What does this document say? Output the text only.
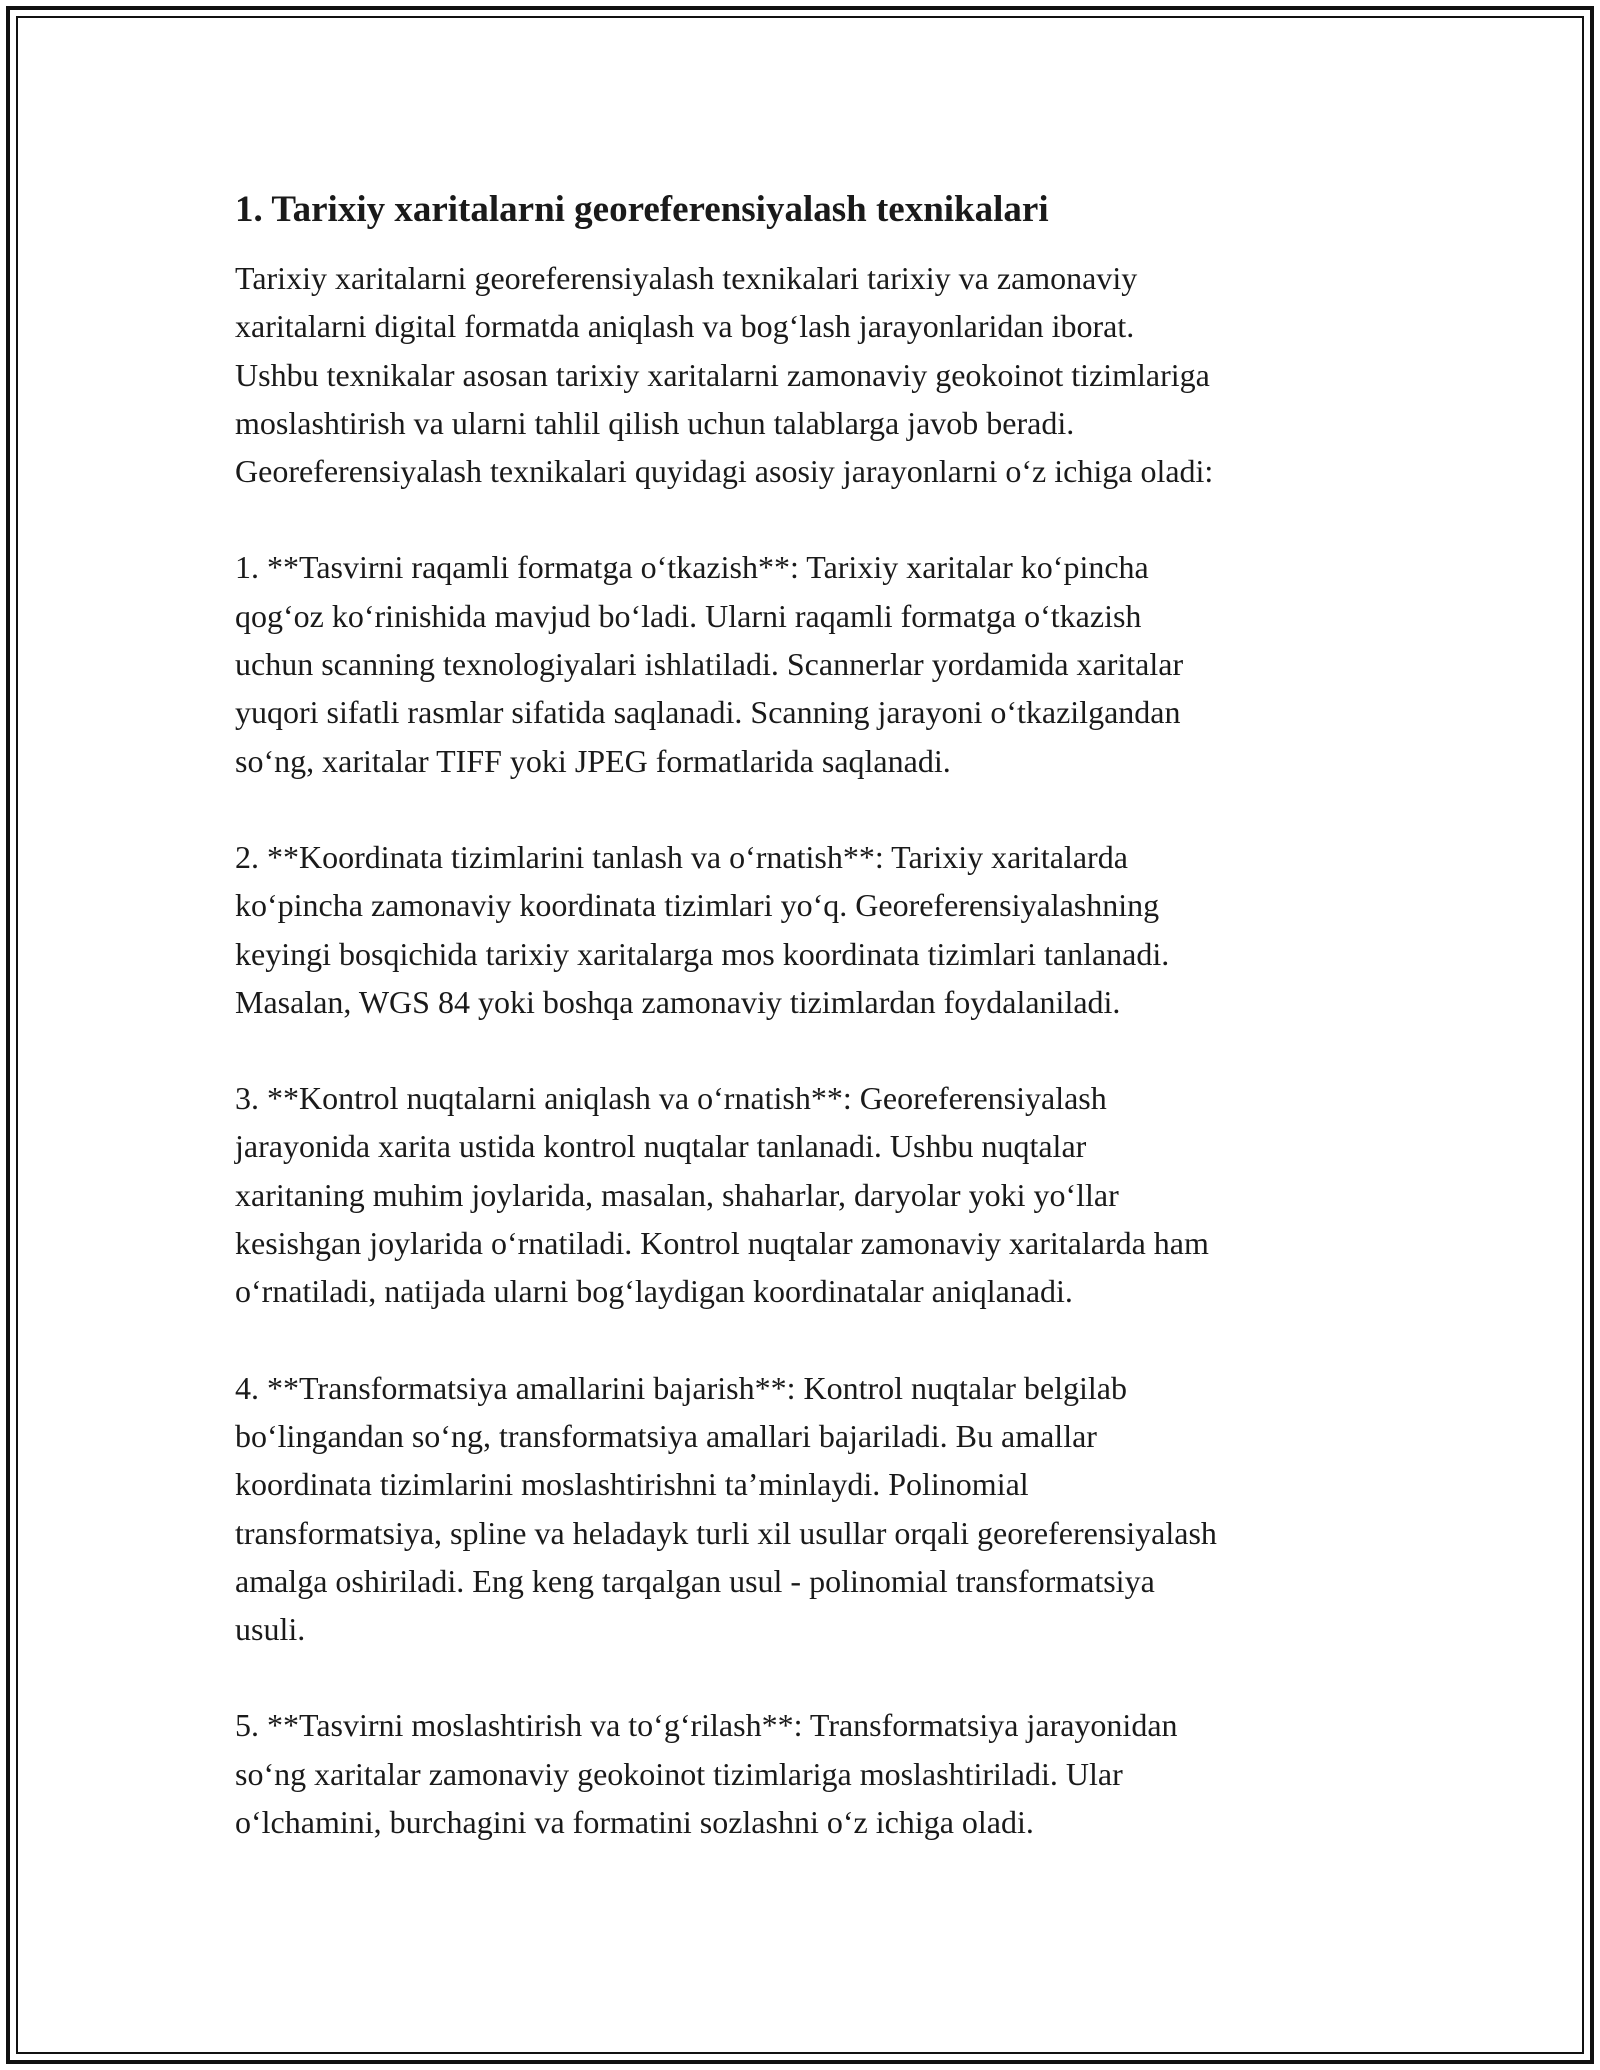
1. Tarixiy xaritalarni georeferensiyalash texnikalari
Tarixiy xaritalarni georeferensiyalash texnikalari tarixiy va zamonaviy
xaritalarni digital formatda aniqlash va bog‘lash jarayonlaridan iborat.
Ushbu texnikalar asosan tarixiy xaritalarni zamonaviy geokoinot tizimlariga
moslashtirish va ularni tahlil qilish uchun talablarga javob beradi.
Georeferensiyalash texnikalari quyidagi asosiy jarayonlarni o‘z ichiga oladi:
1. **Tasvirni raqamli formatga o‘tkazish**: Tarixiy xaritalar ko‘pincha
qog‘oz ko‘rinishida mavjud bo‘ladi. Ularni raqamli formatga o‘tkazish
uchun scanning texnologiyalari ishlatiladi. Scannerlar yordamida xaritalar
yuqori sifatli rasmlar sifatida saqlanadi. Scanning jarayoni o‘tkazilgandan
so‘ng, xaritalar TIFF yoki JPEG formatlarida saqlanadi.
2. **Koordinata tizimlarini tanlash va o‘rnatish**: Tarixiy xaritalarda
ko‘pincha zamonaviy koordinata tizimlari yo‘q. Georeferensiyalashning
keyingi bosqichida tarixiy xaritalarga mos koordinata tizimlari tanlanadi.
Masalan, WGS 84 yoki boshqa zamonaviy tizimlardan foydalaniladi.
3. **Kontrol nuqtalarni aniqlash va o‘rnatish**: Georeferensiyalash
jarayonida xarita ustida kontrol nuqtalar tanlanadi. Ushbu nuqtalar
xaritaning muhim joylarida, masalan, shaharlar, daryolar yoki yo‘llar
kesishgan joylarida o‘rnatiladi. Kontrol nuqtalar zamonaviy xaritalarda ham
o‘rnatiladi, natijada ularni bog‘laydigan koordinatalar aniqlanadi.
4. **Transformatsiya amallarini bajarish**: Kontrol nuqtalar belgilab
bo‘lingandan so‘ng, transformatsiya amallari bajariladi. Bu amallar
koordinata tizimlarini moslashtirishni ta’minlaydi. Polinomial
transformatsiya, spline va heladayk turli xil usullar orqali georeferensiyalash
amalga oshiriladi. Eng keng tarqalgan usul - polinomial transformatsiya
usuli.
5. **Tasvirni moslashtirish va to‘g‘rilash**: Transformatsiya jarayonidan
so‘ng xaritalar zamonaviy geokoinot tizimlariga moslashtiriladi. Ular
o‘lchamini, burchagini va formatini sozlashni o‘z ichiga oladi.
